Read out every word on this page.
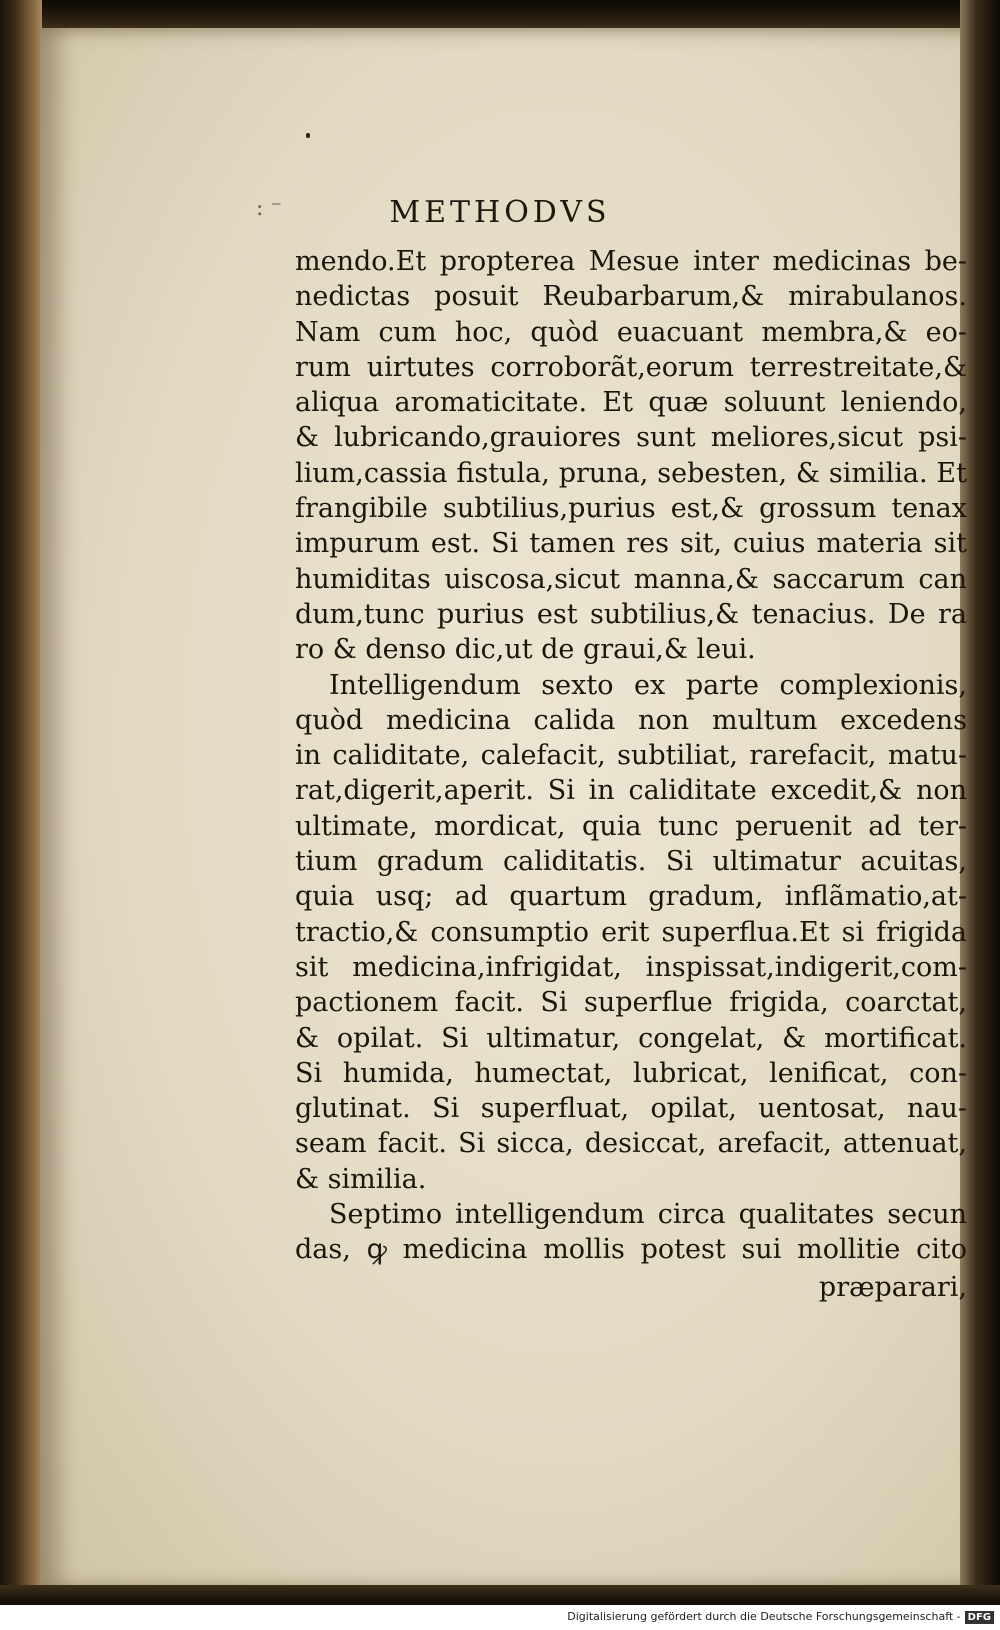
: ⁻	METHODVS
mendo.Et propterea Mesue inter medicinas be-
nedictas posuit Reubarbarum,& mirabulanos.
Nam cum hoc, quòd euacuant membra,& eo-
rum uirtutes corroborãt,eorum terrestreitate,&
aliqua aromaticitate. Et quæ soluunt leniendo,
& lubricando,grauiores sunt meliores,sicut psi-
lium,cassia fistula, pruna, sebesten, & similia. Et
frangibile subtilius,purius est,& grossum tenax
impurum est. Si tamen res sit, cuius materia sit
humiditas uiscosa,sicut manna,& saccarum can
dum,tunc purius est subtilius,& tenacius. De ra
ro & denso dic,ut de graui,& leui.
Intelligendum sexto ex parte complexionis,
quòd medicina calida non multum excedens
in caliditate, calefacit, subtiliat, rarefacit, matu-
rat,digerit,aperit. Si in caliditate excedit,& non
ultimate, mordicat, quia tunc peruenit ad ter-
tium gradum caliditatis. Si ultimatur acuitas,
quia usq; ad quartum gradum, inflãmatio,at-
tractio,& consumptio erit superflua.Et si frigida
sit medicina,infrigidat, inspissat,indigerit,com-
pactionem facit. Si superflue frigida, coarctat,
& opilat. Si ultimatur, congelat, & mortificat.
Si humida, humectat, lubricat, lenificat, con-
glutinat. Si superfluat, opilat, uentosat, nau-
seam facit. Si sicca, desiccat, arefacit, attenuat,
& similia.
Septimo intelligendum circa qualitates secun
das, ꝙ medicina mollis potest sui mollitie cito
præparari,
Digitalisierung gefördert durch die Deutsche Forschungsgemeinschaft - DFG
